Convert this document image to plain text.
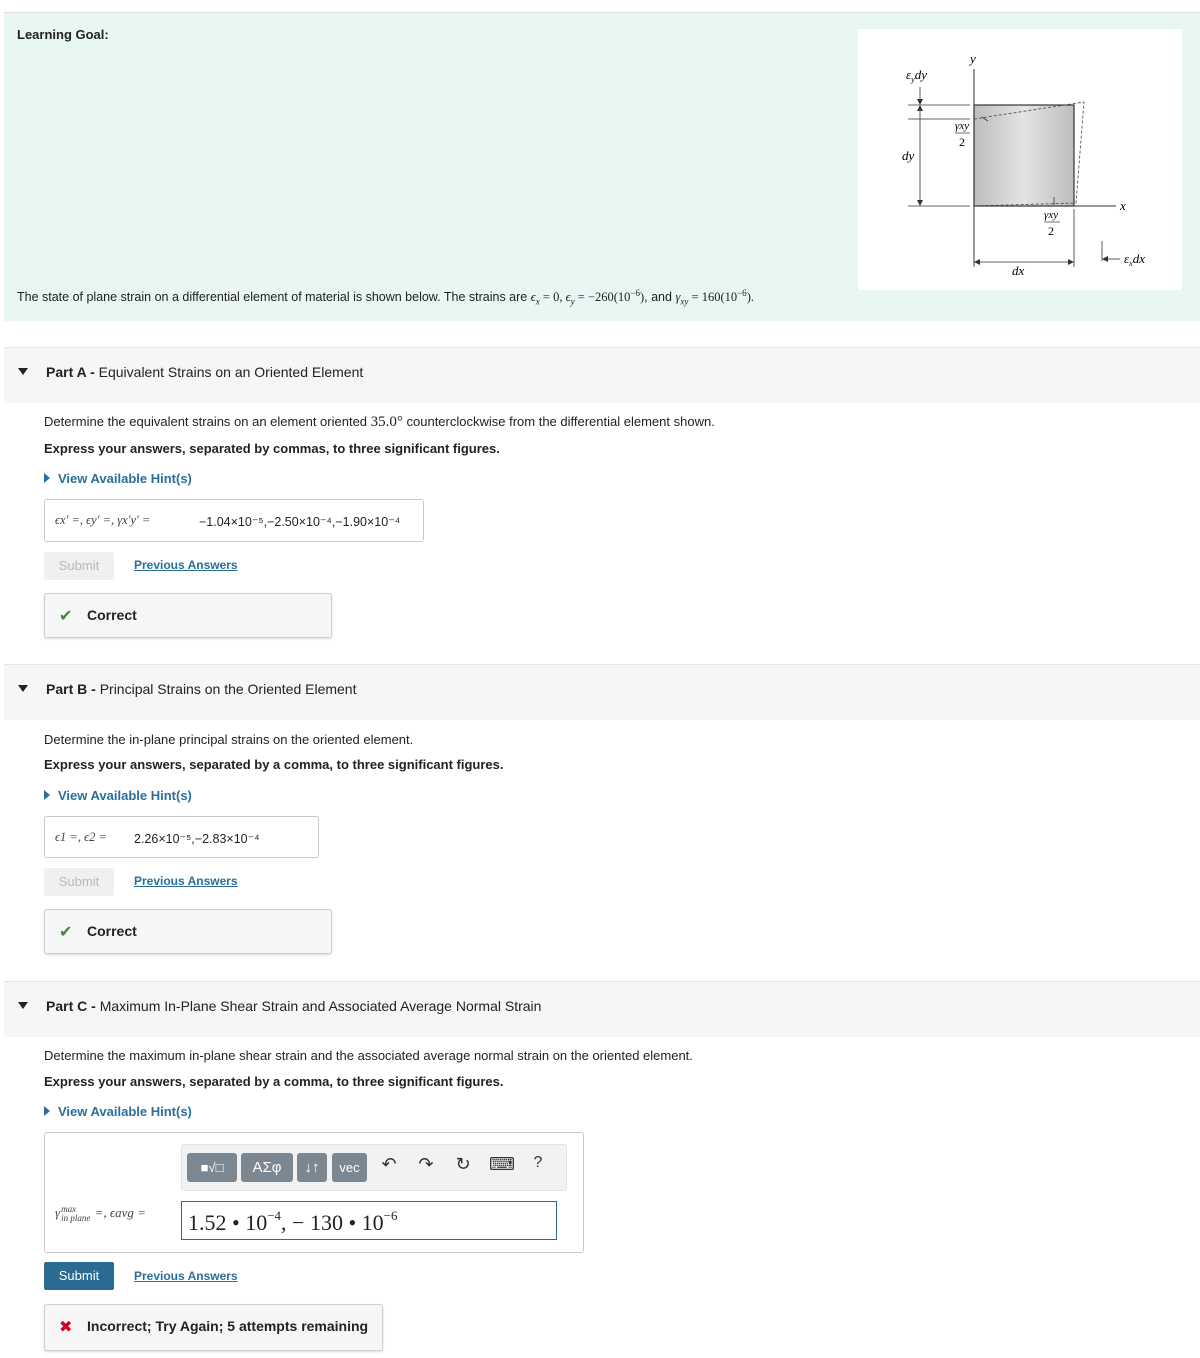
Learning Goal:
The state of plane strain on a differential element of material is shown below. The strains are $\epsilon_x = 0$, $\epsilon_y = -260(10^{-6})$, and $\gamma_{xy} = 160(10^{-6})$.
$\varepsilon_ydy$
y
x
dy
dx
γxy
2
γxy
2
$\varepsilon_xdx$
Part A - Equivalent Strains on an Oriented Element
Determine the equivalent strains on an element oriented 35.0° counterclockwise from the differential element shown.
Express your answers, separated by commas, to three significant figures.
View Available Hint(s)
ϵx′ =, ϵy′ =, γx′y′ =	−1.04×10⁻⁵,−2.50×10⁻⁴,−1.90×10⁻⁴
Submit	Previous Answers
✔ Correct
Part B - Principal Strains on the Oriented Element
Determine the in-plane principal strains on the oriented element.
Express your answers, separated by a comma, to three significant figures.
View Available Hint(s)
ϵ1 =, ϵ2 = 2.26×10⁻⁵,−2.83×10⁻⁴
Submit	Previous Answers
✔ Correct
Part C - Maximum In-Plane Shear Strain and Associated Average Normal Strain
Determine the maximum in-plane shear strain and the associated average normal strain on the oriented element.
Express your answers, separated by a comma, to three significant figures.
View Available Hint(s)
γ max
in plane =, ϵavg =
■√□	ΑΣφ	↓↑	vec	↶ ↷ ↻ ⌨	?
1.52 • $10^{-4}$, − 130 • $10^{-6}$
Submit	Previous Answers
✖ Incorrect; Try Again; 5 attempts remaining
